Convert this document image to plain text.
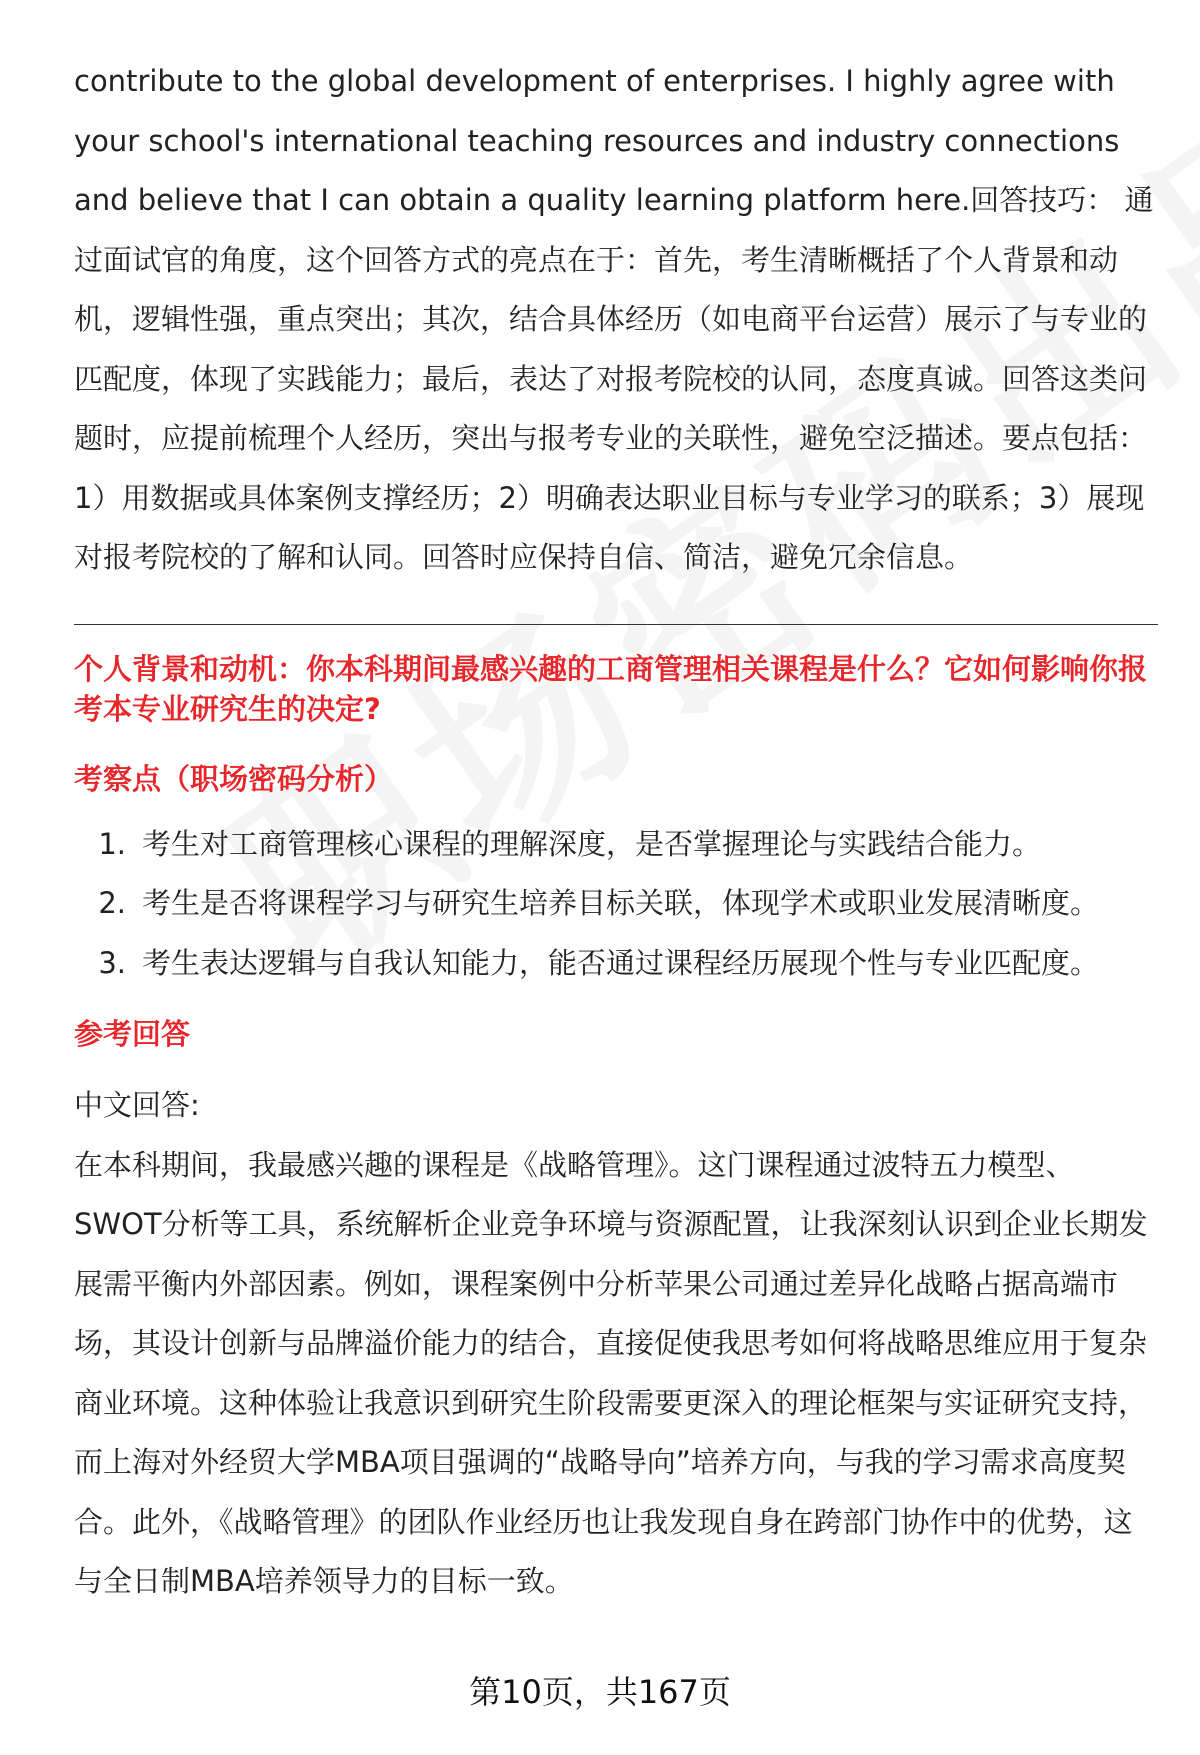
contribute to the global development of enterprises. I highly agree with your school's international teaching resources and industry connections and believe that I can obtain a quality learning platform here.回答技巧： 通过面试官的角度，这个回答方式的亮点在于：首先，考生清晰概括了个人背景和动机，逻辑性强，重点突出；其次，结合具体经历（如电商平台运营）展示了与专业的匹配度，体现了实践能力；最后，表达了对报考院校的认同，态度真诚。回答这类问题时，应提前梳理个人经历，突出与报考专业的关联性，避免空泛描述。要点包括：1）用数据或具体案例支撑经历；2）明确表达职业目标与专业学习的联系；3）展现对报考院校的了解和认同。回答时应保持自信、简洁，避免冗余信息。

个人背景和动机：你本科期间最感兴趣的工商管理相关课程是什么？它如何影响你报考本专业研究生的决定?

考察点（职场密码分析）

1. 考生对工商管理核心课程的理解深度，是否掌握理论与实践结合能力。
2. 考生是否将课程学习与研究生培养目标关联，体现学术或职业发展清晰度。
3. 考生表达逻辑与自我认知能力，能否通过课程经历展现个性与专业匹配度。

参考回答

中文回答:

在本科期间，我最感兴趣的课程是《战略管理》。这门课程通过波特五力模型、SWOT分析等工具，系统解析企业竞争环境与资源配置，让我深刻认识到企业长期发展需平衡内外部因素。例如，课程案例中分析苹果公司通过差异化战略占据高端市场，其设计创新与品牌溢价能力的结合，直接促使我思考如何将战略思维应用于复杂商业环境。这种体验让我意识到研究生阶段需要更深入的理论框架与实证研究支持，而上海对外经贸大学MBA项目强调的“战略导向”培养方向，与我的学习需求高度契合。此外，《战略管理》的团队作业经历也让我发现自身在跨部门协作中的优势，这与全日制MBA培养领导力的目标一致。

第10页，共167页
